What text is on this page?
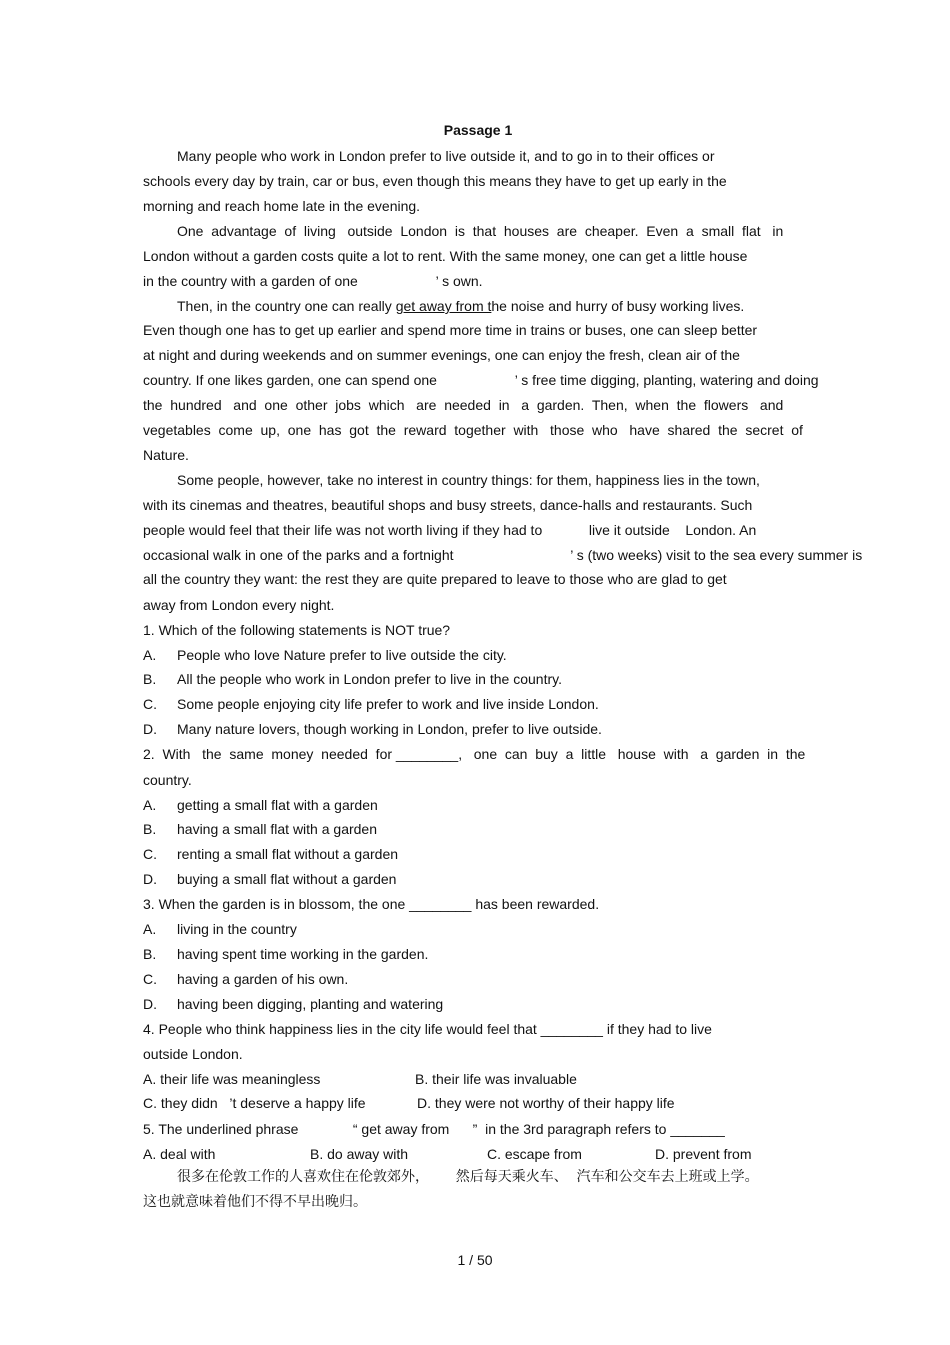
Passage 1
Many people who work in London prefer to live outside it, and to go in to their offices or
schools every day by train, car or bus, even though this means they have to get up early in the
morning and reach home late in the evening.
One  advantage  of  living   outside  London  is  that  houses  are  cheaper.  Even  a  small  flat   in
London without a garden costs quite a lot to rent. With the same money, one can get a little house
in the country with a garden of one                    ’ s own.
Then, in the country one can really get away from the noise and hurry of busy working lives.
Even though one has to get up earlier and spend more time in trains or buses, one can sleep better
at night and during weekends and on summer evenings, one can enjoy the fresh, clean air of the
country. If one likes garden, one can spend one                    ’ s free time digging, planting, watering and doing
the  hundred   and  one  other  jobs  which   are  needed  in   a  garden.  Then,  when  the  flowers   and
vegetables  come  up,  one  has  got  the  reward  together  with   those  who   have  shared  the  secret  of
Nature.
Some people, however, take no interest in country things: for them, happiness lies in the town,
with its cinemas and theatres, beautiful shops and busy streets, dance-halls and restaurants. Such
people would feel that their life was not worth living if they had to            live it outside    London. An
occasional walk in one of the parks and a fortnight                              ’ s (two weeks) visit to the sea every summer is
all the country they want: the rest they are quite prepared to leave to those who are glad to get
away from London every night.
1. Which of the following statements is NOT true?
A. People who love Nature prefer to live outside the city.
B. All the people who work in London prefer to live in the country.
C. Some people enjoying city life prefer to work and live inside London.
D. Many nature lovers, though working in London, prefer to live outside.
2.  With   the  same  money  needed  for ________,   one  can  buy  a  little   house  with   a  garden  in  the
country.
A. getting a small flat with a garden
B. having a small flat with a garden
C. renting a small flat without a garden
D. buying a small flat without a garden
3. When the garden is in blossom, the one ________ has been rewarded.
A. living in the country
B. having spent time working in the garden.
C. having a garden of his own.
D. having been digging, planting and watering
4. People who think happiness lies in the city life would feel that ________ if they had to live
outside London.
A. their life was meaningless	B. their life was invaluable
C. they didn   ’t deserve a happy life	D. they were not worthy of their happy life
5. The underlined phrase              “ get away from      ”  in the 3rd paragraph refers to _______
A. deal with	B. do away with	C. escape from	D. prevent from
很多在伦敦工作的人喜欢住在伦敦郊外，      然后每天乘火车、  汽车和公交车去上班或上学。
这也就意味着他们不得不早出晚归。
1 / 50
